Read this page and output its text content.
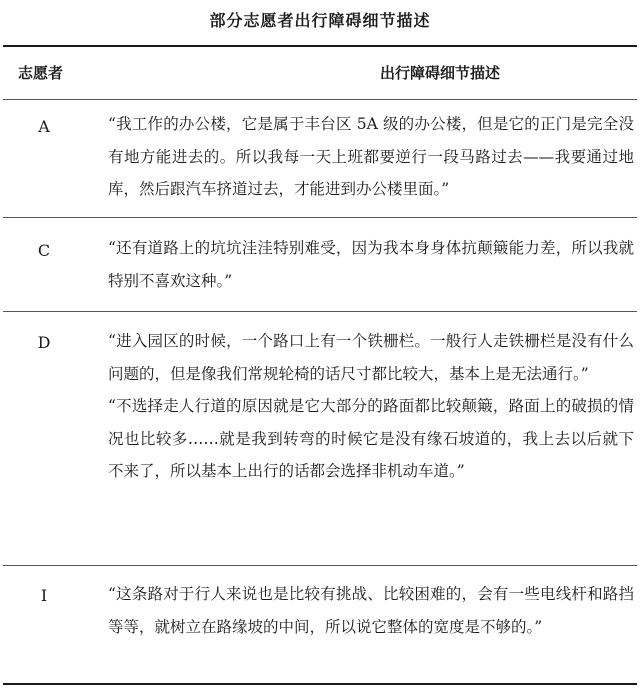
部分志愿者出行障碍细节描述
志愿者	出行障碍细节描述
A	“我工作的办公楼，它是属于丰台区 5A 级的办公楼，但是它的正门是完全没有地方能进去的。所以我每一天上班都要逆行一段马路过去——我要通过地库，然后跟汽车挤道过去，才能进到办公楼里面。”

C	“还有道路上的坑坑洼洼特别难受，因为我本身身体抗颠簸能力差，所以我就特别不喜欢这种。”

D	“进入园区的时候，一个路口上有一个铁栅栏。一般行人走铁栅栏是没有什么问题的，但是像我们常规轮椅的话尺寸都比较大，基本上是无法通行。”

“不选择走人行道的原因就是它大部分的路面都比较颠簸，路面上的破损的情况也比较多……就是我到转弯的时候它是没有缘石坡道的，我上去以后就下不来了，所以基本上出行的话都会选择非机动车道。”

I	“这条路对于行人来说也是比较有挑战、比较困难的，会有一些电线杆和路挡等等，就树立在路缘坡的中间，所以说它整体的宽度是不够的。”
